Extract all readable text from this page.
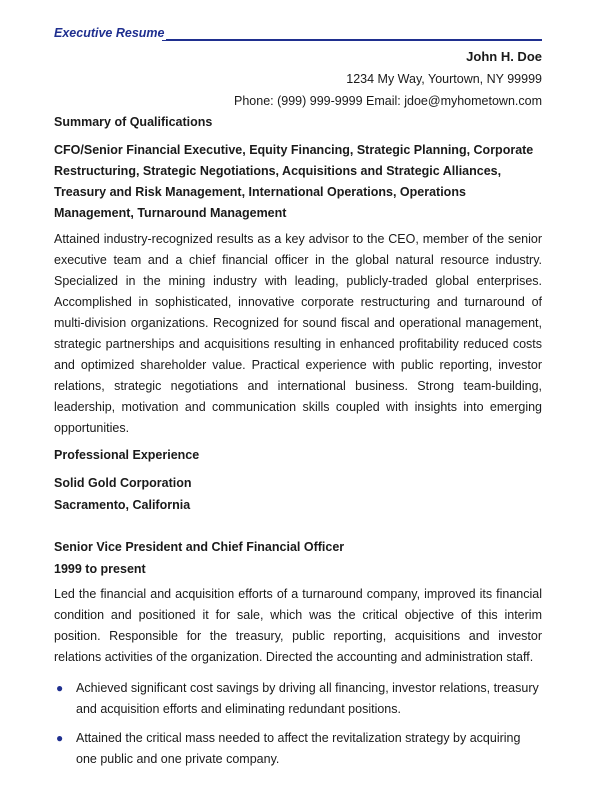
Executive Resume
John H. Doe
1234 My Way, Yourtown, NY 99999
Phone: (999) 999-9999 Email: jdoe@myhometown.com
Summary of Qualifications
CFO/Senior Financial Executive, Equity Financing, Strategic Planning, Corporate Restructuring, Strategic Negotiations, Acquisitions and Strategic Alliances, Treasury and Risk Management, International Operations, Operations Management, Turnaround Management
Attained industry-recognized results as a key advisor to the CEO, member of the senior executive team and a chief financial officer in the global natural resource industry. Specialized in the mining industry with leading, publicly-traded global enterprises. Accomplished in sophisticated, innovative corporate restructuring and turnaround of multi-division organizations. Recognized for sound fiscal and operational management, strategic partnerships and acquisitions resulting in enhanced profitability reduced costs and optimized shareholder value. Practical experience with public reporting, investor relations, strategic negotiations and international business. Strong team-building, leadership, motivation and communication skills coupled with insights into emerging opportunities.
Professional Experience
Solid Gold Corporation
Sacramento, California
Senior Vice President and Chief Financial Officer
1999 to present
Led the financial and acquisition efforts of a turnaround company, improved its financial condition and positioned it for sale, which was the critical objective of this interim position. Responsible for the treasury, public reporting, acquisitions and investor relations activities of the organization. Directed the accounting and administration staff.
● Achieved significant cost savings by driving all financing, investor relations, treasury and acquisition efforts and eliminating redundant positions.
● Attained the critical mass needed to affect the revitalization strategy by acquiring one public and one private company.
